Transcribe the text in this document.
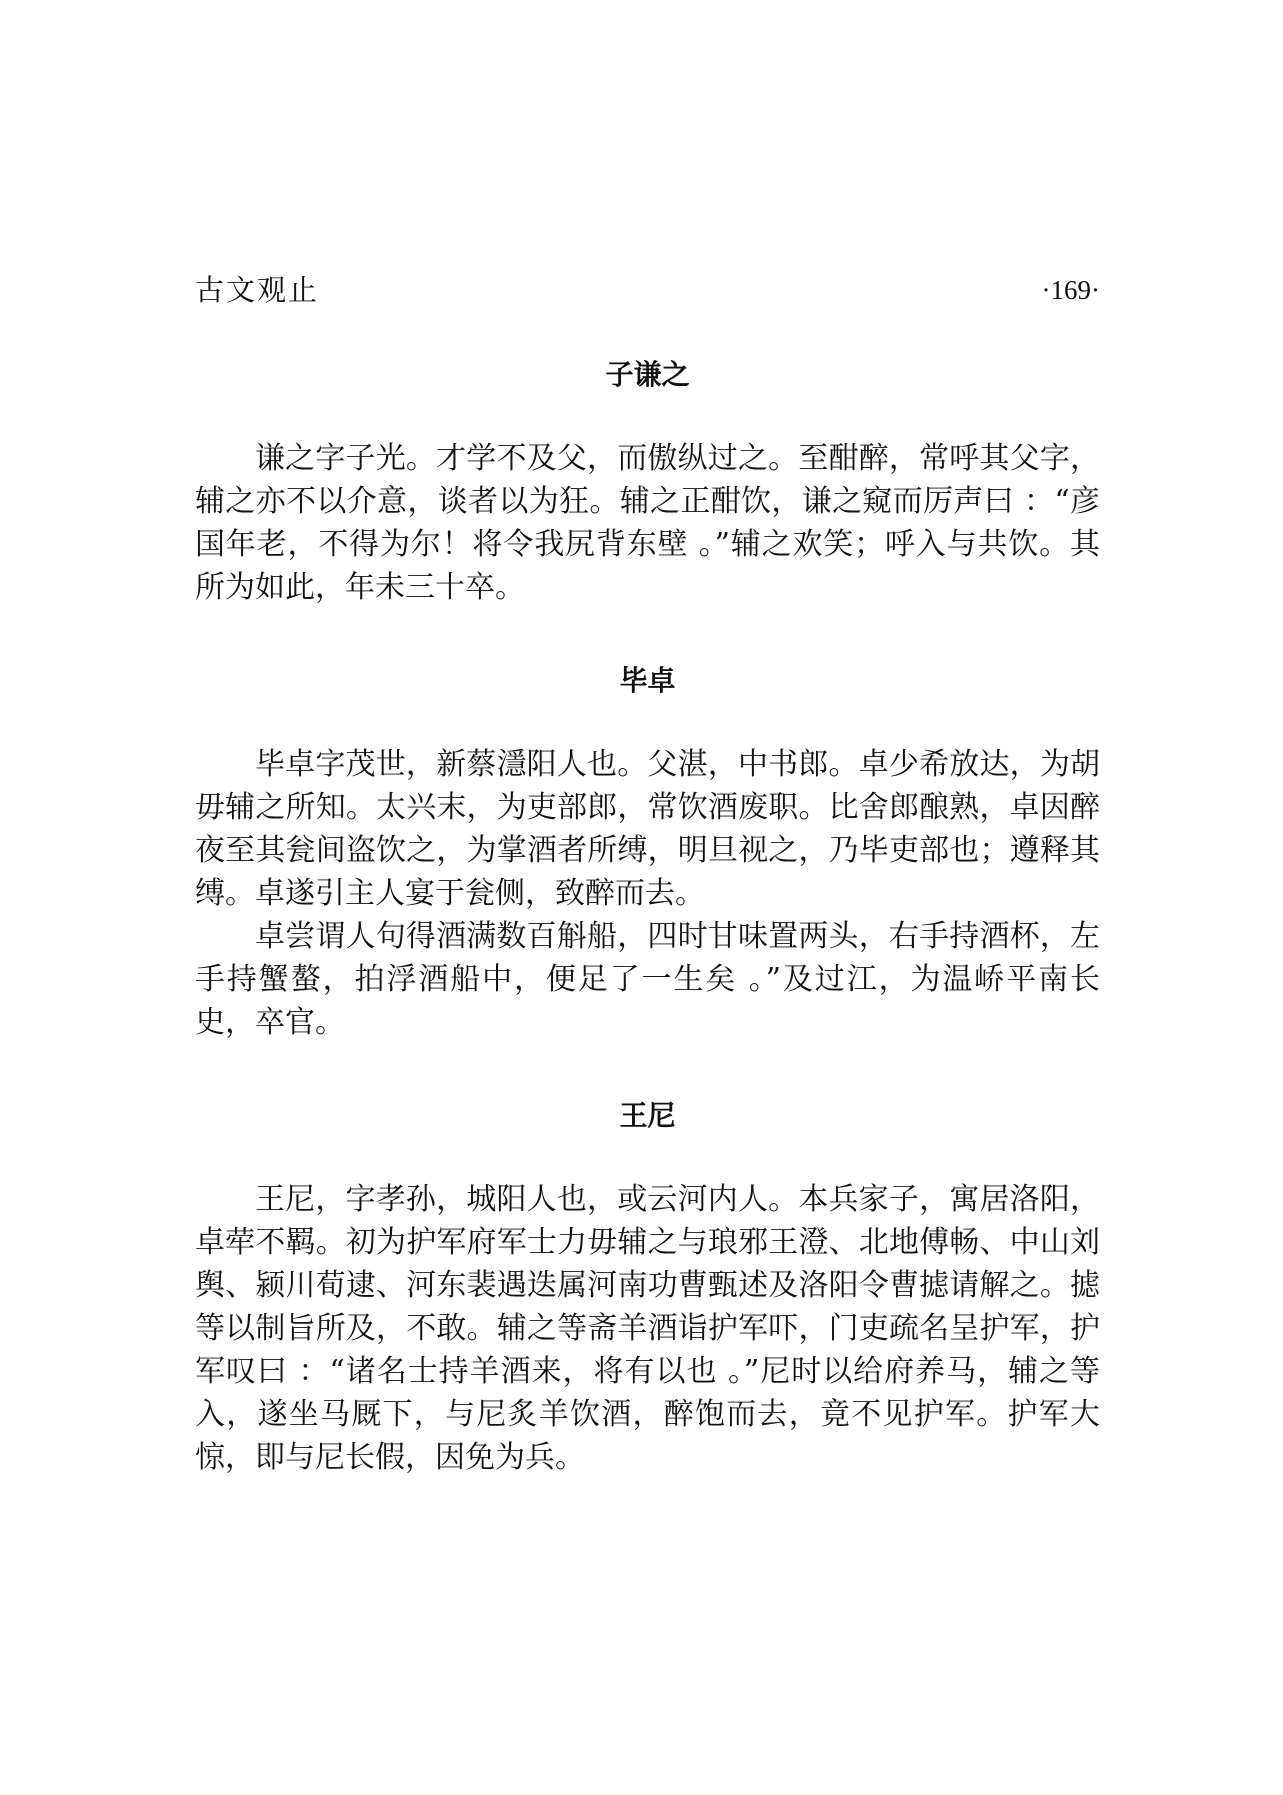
古文观止	·169·
子谦之

谦之字子光。才学不及父，而傲纵过之。至酣醉，常呼其父字，辅之亦不以介意，谈者以为狂。辅之正酣饮，谦之窥而厉声曰 ：“彦国年老，不得为尔！将令我尻背东壁 。”辅之欢笑；呼入与共饮。其所为如此，年未三十卒。

毕卓

毕卓字茂世，新蔡濦阳人也。父湛，中书郎。卓少希放达，为胡毋辅之所知。太兴末，为吏部郎，常饮酒废职。比舍郎酿熟，卓因醉夜至其瓮间盗饮之，为掌酒者所缚，明旦视之，乃毕吏部也；遵释其缚。卓遂引主人宴于瓮侧，致醉而去。

卓尝谓人句得酒满数百斛船，四时甘味置两头，右手持酒杯，左手持蟹螯，拍浮酒船中，便足了一生矣 。”及过江，为温峤平南长史，卒官。

王尼

王尼，字孝孙，城阳人也，或云河内人。本兵家子，寓居洛阳，卓荦不羁。初为护军府军士力毋辅之与琅邪王澄、北地傅畅、中山刘舆、颍川荀逮、河东裴遇迭属河南功曹甄述及洛阳令曹摅请解之。摅等以制旨所及，不敢。辅之等斋羊酒诣护军吓，门吏疏名呈护军，护军叹曰 ：“诸名士持羊酒来，将有以也 。”尼时以给府养马，辅之等入，遂坐马厩下，与尼炙羊饮酒，醉饱而去，竟不见护军。护军大惊，即与尼长假，因免为兵。
